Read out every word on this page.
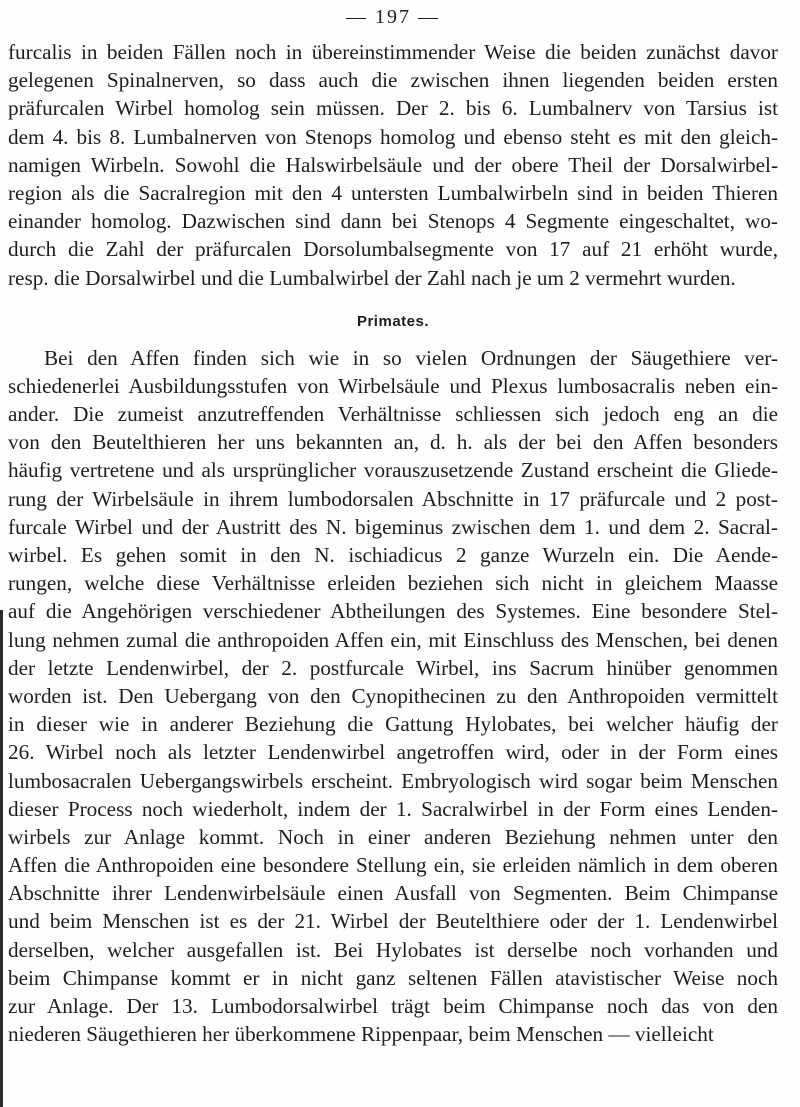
— 197 —
furcalis in beiden Fällen noch in übereinstimmender Weise die beiden zunächst davor
gelegenen Spinalnerven, so dass auch die zwischen ihnen liegenden beiden ersten
präfurcalen Wirbel homolog sein müssen. Der 2. bis 6. Lumbalnerv von Tarsius ist
dem 4. bis 8. Lumbalnerven von Stenops homolog und ebenso steht es mit den gleich-
namigen Wirbeln. Sowohl die Halswirbelsäule und der obere Theil der Dorsalwirbel-
region als die Sacralregion mit den 4 untersten Lumbalwirbeln sind in beiden Thieren
einander homolog. Dazwischen sind dann bei Stenops 4 Segmente eingeschaltet, wo-
durch die Zahl der präfurcalen Dorsolumbalsegmente von 17 auf 21 erhöht wurde,
resp. die Dorsalwirbel und die Lumbalwirbel der Zahl nach je um 2 vermehrt wurden.
Primates.
Bei den Affen finden sich wie in so vielen Ordnungen der Säugethiere ver-
schiedenerlei Ausbildungsstufen von Wirbelsäule und Plexus lumbosacralis neben ein-
ander. Die zumeist anzutreffenden Verhältnisse schliessen sich jedoch eng an die
von den Beutelthieren her uns bekannten an, d. h. als der bei den Affen besonders
häufig vertretene und als ursprünglicher vorauszusetzende Zustand erscheint die Gliede-
rung der Wirbelsäule in ihrem lumbodorsalen Abschnitte in 17 präfurcale und 2 post-
furcale Wirbel und der Austritt des N. bigeminus zwischen dem 1. und dem 2. Sacral-
wirbel. Es gehen somit in den N. ischiadicus 2 ganze Wurzeln ein. Die Aende-
rungen, welche diese Verhältnisse erleiden beziehen sich nicht in gleichem Maasse
auf die Angehörigen verschiedener Abtheilungen des Systemes. Eine besondere Stel-
lung nehmen zumal die anthropoiden Affen ein, mit Einschluss des Menschen, bei denen
der letzte Lendenwirbel, der 2. postfurcale Wirbel, ins Sacrum hinüber genommen
worden ist. Den Uebergang von den Cynopithecinen zu den Anthropoiden vermittelt
in dieser wie in anderer Beziehung die Gattung Hylobates, bei welcher häufig der
26. Wirbel noch als letzter Lendenwirbel angetroffen wird, oder in der Form eines
lumbosacralen Uebergangswirbels erscheint. Embryologisch wird sogar beim Menschen
dieser Process noch wiederholt, indem der 1. Sacralwirbel in der Form eines Lenden-
wirbels zur Anlage kommt. Noch in einer anderen Beziehung nehmen unter den
Affen die Anthropoiden eine besondere Stellung ein, sie erleiden nämlich in dem oberen
Abschnitte ihrer Lendenwirbelsäule einen Ausfall von Segmenten. Beim Chimpanse
und beim Menschen ist es der 21. Wirbel der Beutelthiere oder der 1. Lendenwirbel
derselben, welcher ausgefallen ist. Bei Hylobates ist derselbe noch vorhanden und
beim Chimpanse kommt er in nicht ganz seltenen Fällen atavistischer Weise noch
zur Anlage. Der 13. Lumbodorsalwirbel trägt beim Chimpanse noch das von den
niederen Säugethieren her überkommene Rippenpaar, beim Menschen — vielleicht
